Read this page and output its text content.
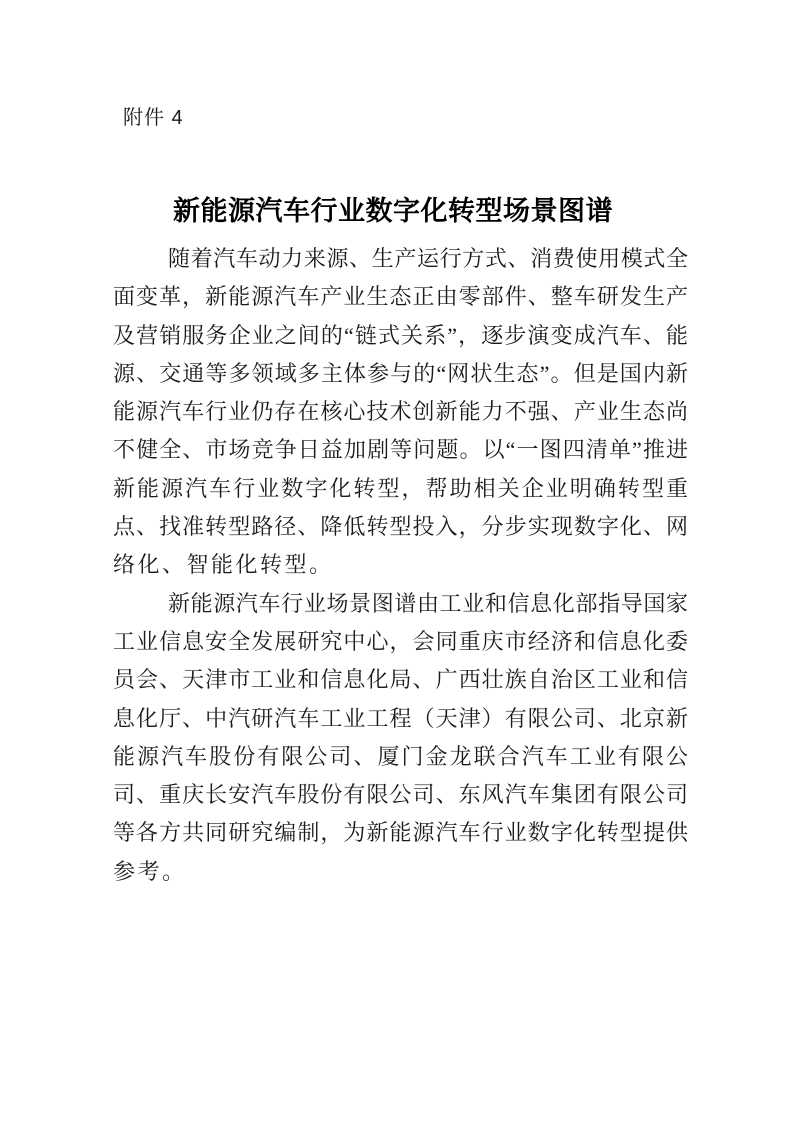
附件 4
新能源汽车行业数字化转型场景图谱
随着汽车动力来源、生产运行方式、消费使用模式全
面变革，新能源汽车产业生态正由零部件、整车研发生产
及营销服务企业之间的“链式关系”，逐步演变成汽车、能
源、交通等多领域多主体参与的“网状生态”。但是国内新
能源汽车行业仍存在核心技术创新能力不强、产业生态尚
不健全、市场竞争日益加剧等问题。以“一图四清单”推进
新能源汽车行业数字化转型，帮助相关企业明确转型重
点、找准转型路径、降低转型投入，分步实现数字化、网
络化、智能化转型。
新能源汽车行业场景图谱由工业和信息化部指导国家
工业信息安全发展研究中心，会同重庆市经济和信息化委
员会、天津市工业和信息化局、广西壮族自治区工业和信
息化厅、中汽研汽车工业工程（天津）有限公司、北京新
能源汽车股份有限公司、厦门金龙联合汽车工业有限公
司、重庆长安汽车股份有限公司、东风汽车集团有限公司
等各方共同研究编制，为新能源汽车行业数字化转型提供
参考。
